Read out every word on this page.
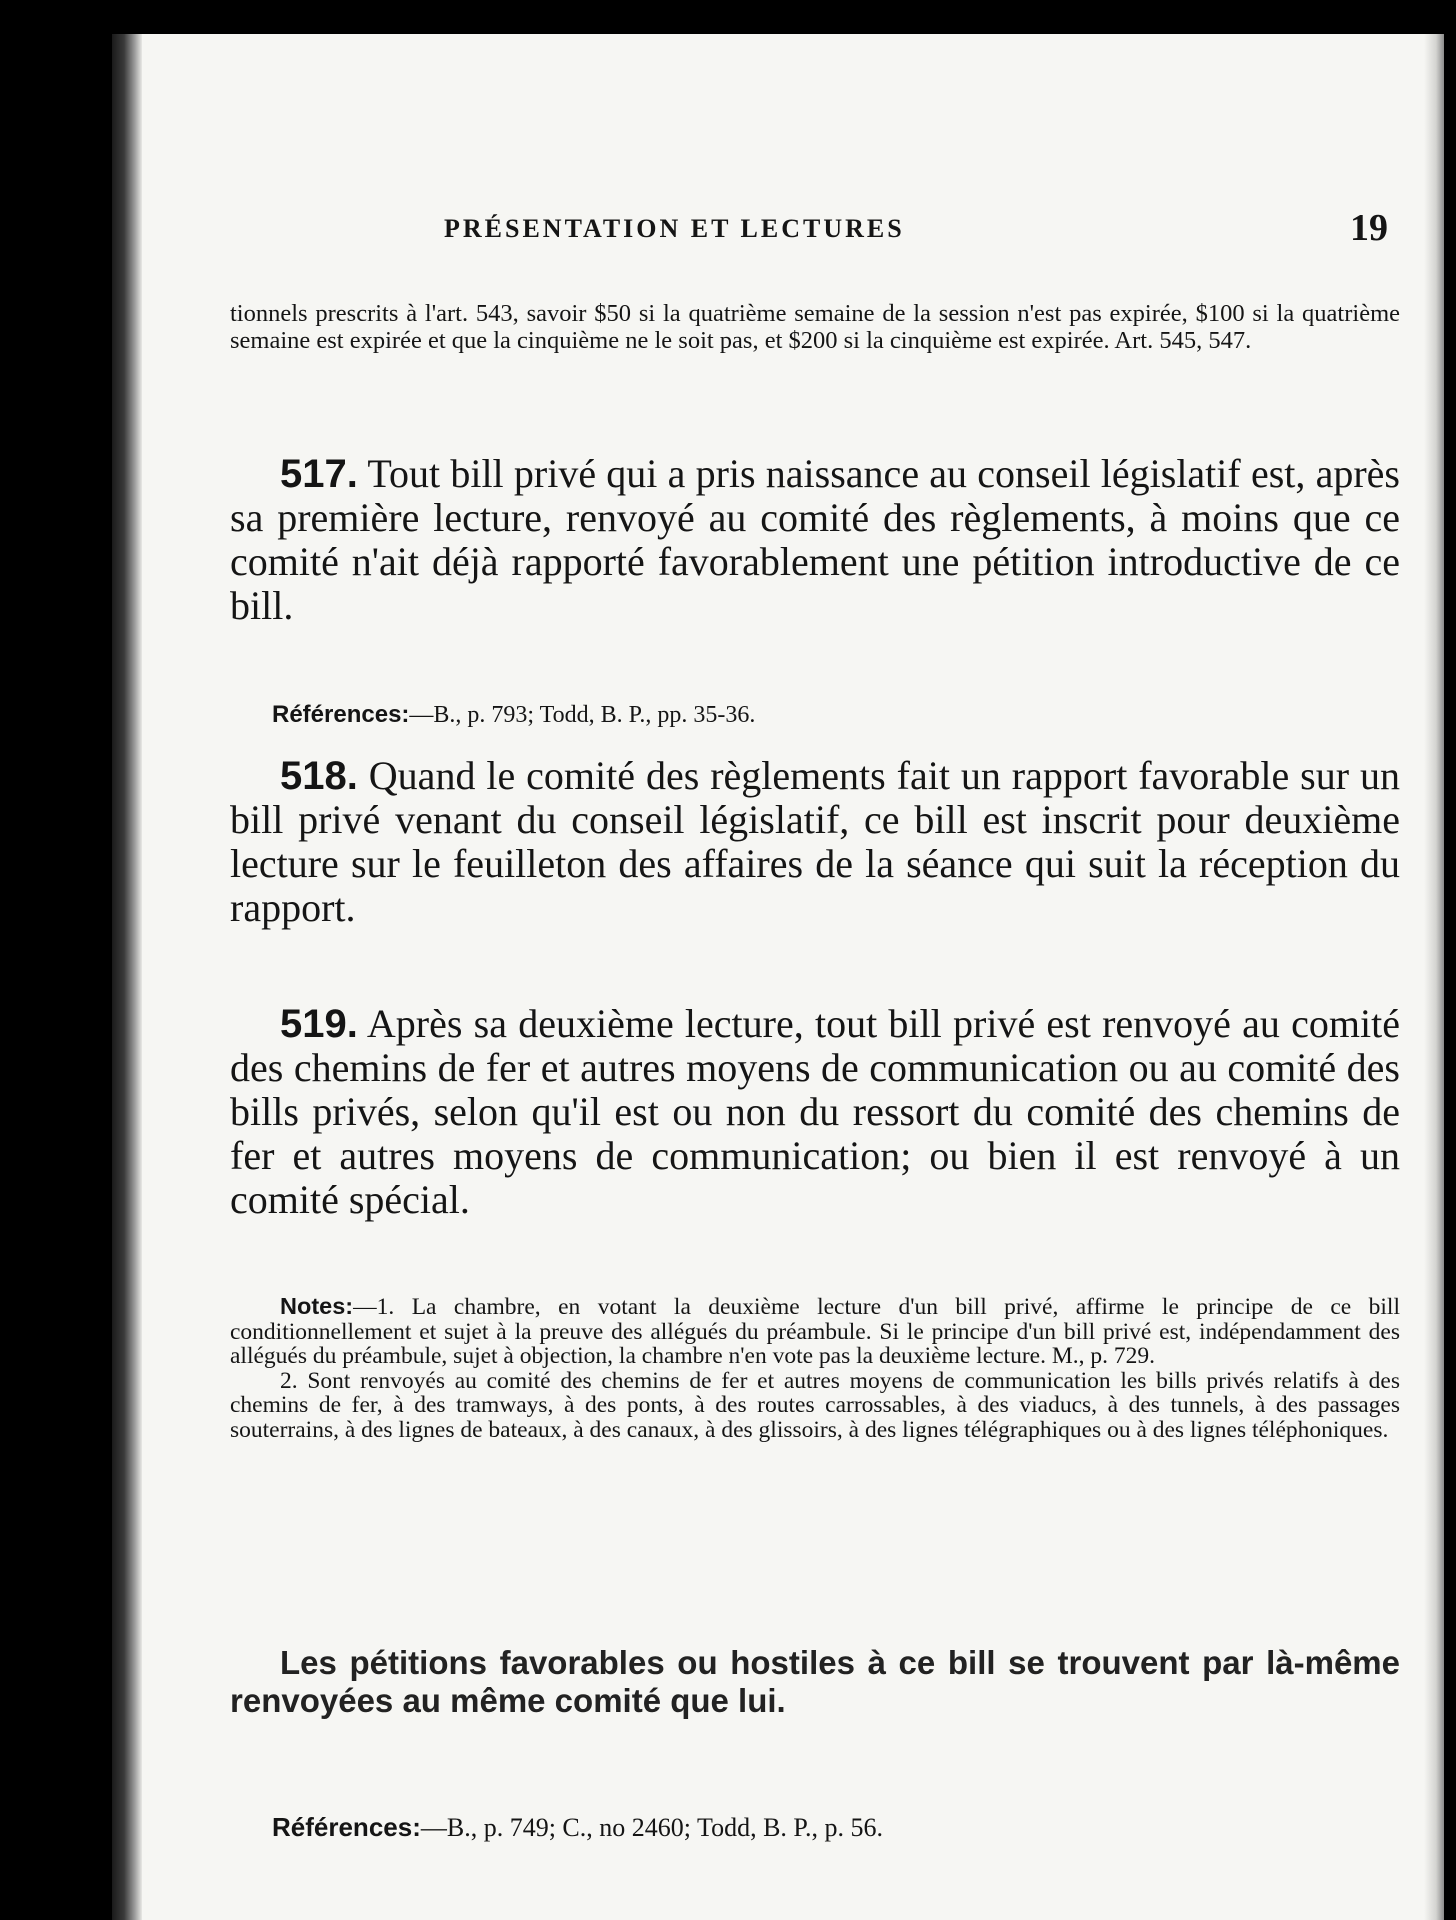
PRÉSENTATION ET LECTURES	19

tionnels prescrits à l'art. 543, savoir $50 si la quatrième semaine de la session n'est pas expirée, $100 si la quatrième semaine est expirée et que la cinquième ne le soit pas, et $200 si la cinquième est expirée. Art. 545, 547.

517. Tout bill privé qui a pris naissance au conseil législatif est, après sa première lecture, renvoyé au comité des règlements, à moins que ce comité n'ait déjà rapporté favorablement une pétition introductive de ce bill.

Références:—B., p. 793; Todd, B. P., pp. 35-36.

518. Quand le comité des règlements fait un rapport favorable sur un bill privé venant du conseil législatif, ce bill est inscrit pour deuxième lecture sur le feuilleton des affaires de la séance qui suit la réception du rapport.

519. Après sa deuxième lecture, tout bill privé est renvoyé au comité des chemins de fer et autres moyens de communication ou au comité des bills privés, selon qu'il est ou non du ressort du comité des chemins de fer et autres moyens de communication; ou bien il est renvoyé à un comité spécial.

Notes:—1. La chambre, en votant la deuxième lecture d'un bill privé, affirme le principe de ce bill conditionnellement et sujet à la preuve des allégués du préambule. Si le principe d'un bill privé est, indépendamment des allégués du préambule, sujet à objection, la chambre n'en vote pas la deuxième lecture. M., p. 729.

2. Sont renvoyés au comité des chemins de fer et autres moyens de communication les bills privés relatifs à des chemins de fer, à des tramways, à des ponts, à des routes carrossables, à des viaducs, à des tunnels, à des passages souterrains, à des lignes de bateaux, à des canaux, à des glissoirs, à des lignes télégraphiques ou à des lignes téléphoniques.

Les pétitions favorables ou hostiles à ce bill se trouvent par là-même renvoyées au même comité que lui.

Références:—B., p. 749; C., no 2460; Todd, B. P., p. 56.
